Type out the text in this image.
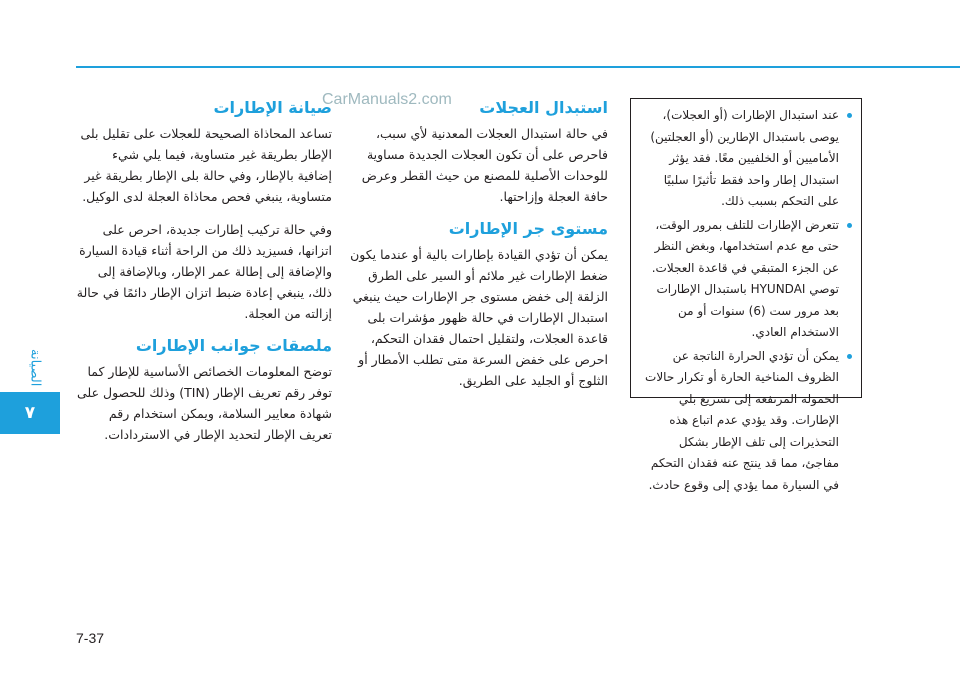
الصيانة
٧
CarManuals2.com
عند استبدال الإطارات (أو العجلات)، يوصى باستبدال الإطارين (أو العجلتين) الأماميين أو الخلفيين معًا. فقد يؤثر استبدال إطار واحد فقط تأثيرًا سلبيًا على التحكم بسبب ذلك.
تتعرض الإطارات للتلف بمرور الوقت، حتى مع عدم استخدامها، وبغض النظر عن الجزء المتبقي في قاعدة العجلات. توصي HYUNDAI باستبدال الإطارات بعد مرور ست (6) سنوات أو من الاستخدام العادي.
يمكن أن تؤدي الحرارة الناتجة عن الظروف المناخية الحارة أو تكرار حالات الحمولة المرتفعة إلى تسريع بلي الإطارات. وقد يؤدي عدم اتباع هذه التحذيرات إلى تلف الإطار بشكل مفاجئ، مما قد ينتج عنه فقدان التحكم في السيارة مما يؤدي إلى وقوع حادث.
استبدال العجلات

في حالة استبدال العجلات المعدنية لأي سبب، فاحرص على أن تكون العجلات الجديدة مساوية للوحدات الأصلية للمصنع من حيث القطر وعرض حافة العجلة وإزاحتها.

مستوى جر الإطارات

يمكن أن تؤدي القيادة بإطارات بالية أو عندما يكون ضغط الإطارات غير ملائم أو السير على الطرق الزلقة إلى خفض مستوى جر الإطارات حيث ينبغي استبدال الإطارات في حالة ظهور مؤشرات بلى قاعدة العجلات، ولتقليل احتمال فقدان التحكم، احرص على خفض السرعة متى تطلب الأمطار أو الثلوج أو الجليد على الطريق.

صيانة الإطارات

تساعد المحاذاة الصحيحة للعجلات على تقليل بلى الإطار بطريقة غير متساوية، فيما يلي شيء إضافية بالإطار، وفي حالة بلى الإطار بطريقة غير متساوية، ينبغي فحص محاذاة العجلة لدى الوكيل.

وفي حالة تركيب إطارات جديدة، احرص على اتزانها، فسيزيد ذلك من الراحة أثناء قيادة السيارة والإضافة إلى إطالة عمر الإطار، وبالإضافة إلى ذلك، ينبغي إعادة ضبط اتزان الإطار دائمًا في حالة إزالته من العجلة.

ملصقات جوانب الإطارات

توضح المعلومات الخصائص الأساسية للإطار كما توفر رقم تعريف الإطار (TIN) وذلك للحصول على شهادة معايير السلامة، ويمكن استخدام رقم تعريف الإطار لتحديد الإطار في الاستردادات.

7-37
